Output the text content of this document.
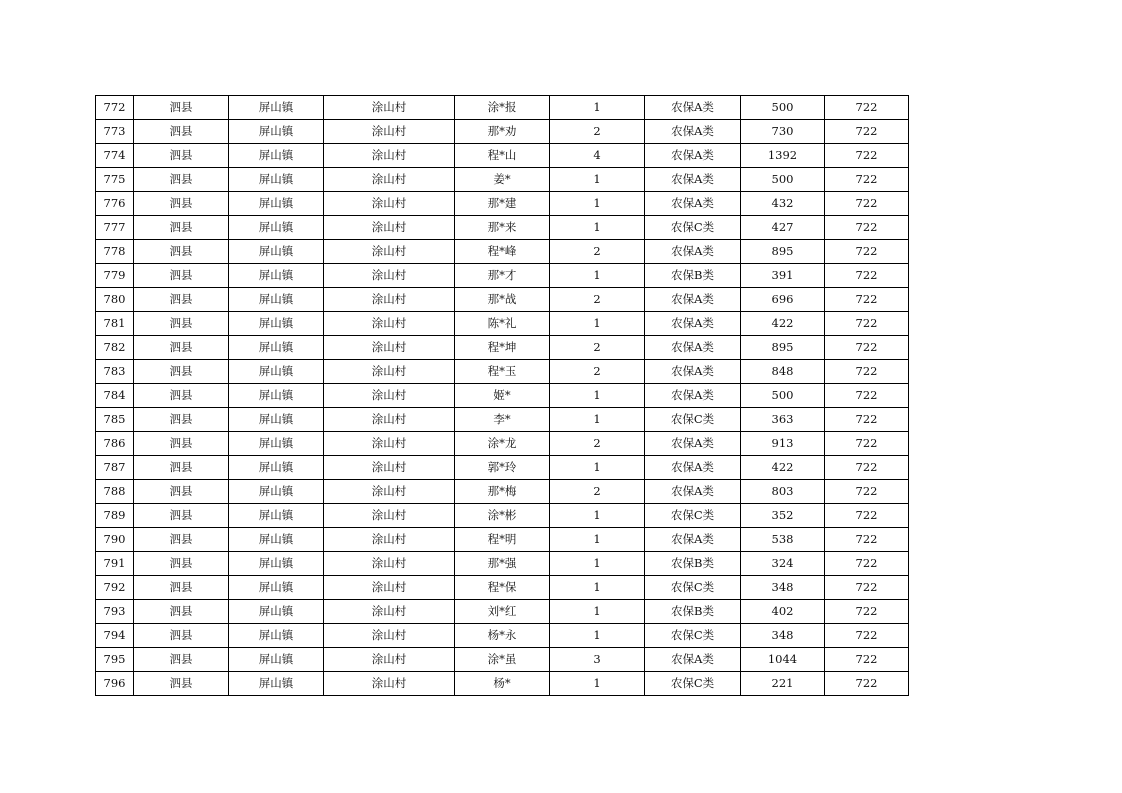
772	泗县	屏山镇	涂山村	涂*报	1	农保A类	500	722
773	泗县	屏山镇	涂山村	那*劝	2	农保A类	730	722
774	泗县	屏山镇	涂山村	程*山	4	农保A类	1392	722
775	泗县	屏山镇	涂山村	姜*	1	农保A类	500	722
776	泗县	屏山镇	涂山村	那*建	1	农保A类	432	722
777	泗县	屏山镇	涂山村	那*来	1	农保C类	427	722
778	泗县	屏山镇	涂山村	程*峰	2	农保A类	895	722
779	泗县	屏山镇	涂山村	那*才	1	农保B类	391	722
780	泗县	屏山镇	涂山村	那*战	2	农保A类	696	722
781	泗县	屏山镇	涂山村	陈*礼	1	农保A类	422	722
782	泗县	屏山镇	涂山村	程*坤	2	农保A类	895	722
783	泗县	屏山镇	涂山村	程*玉	2	农保A类	848	722
784	泗县	屏山镇	涂山村	姬*	1	农保A类	500	722
785	泗县	屏山镇	涂山村	李*	1	农保C类	363	722
786	泗县	屏山镇	涂山村	涂*龙	2	农保A类	913	722
787	泗县	屏山镇	涂山村	郭*玲	1	农保A类	422	722
788	泗县	屏山镇	涂山村	那*梅	2	农保A类	803	722
789	泗县	屏山镇	涂山村	涂*彬	1	农保C类	352	722
790	泗县	屏山镇	涂山村	程*明	1	农保A类	538	722
791	泗县	屏山镇	涂山村	那*强	1	农保B类	324	722
792	泗县	屏山镇	涂山村	程*保	1	农保C类	348	722
793	泗县	屏山镇	涂山村	刘*红	1	农保B类	402	722
794	泗县	屏山镇	涂山村	杨*永	1	农保C类	348	722
795	泗县	屏山镇	涂山村	涂*虽	3	农保A类	1044	722
796	泗县	屏山镇	涂山村	杨*	1	农保C类	221	722
